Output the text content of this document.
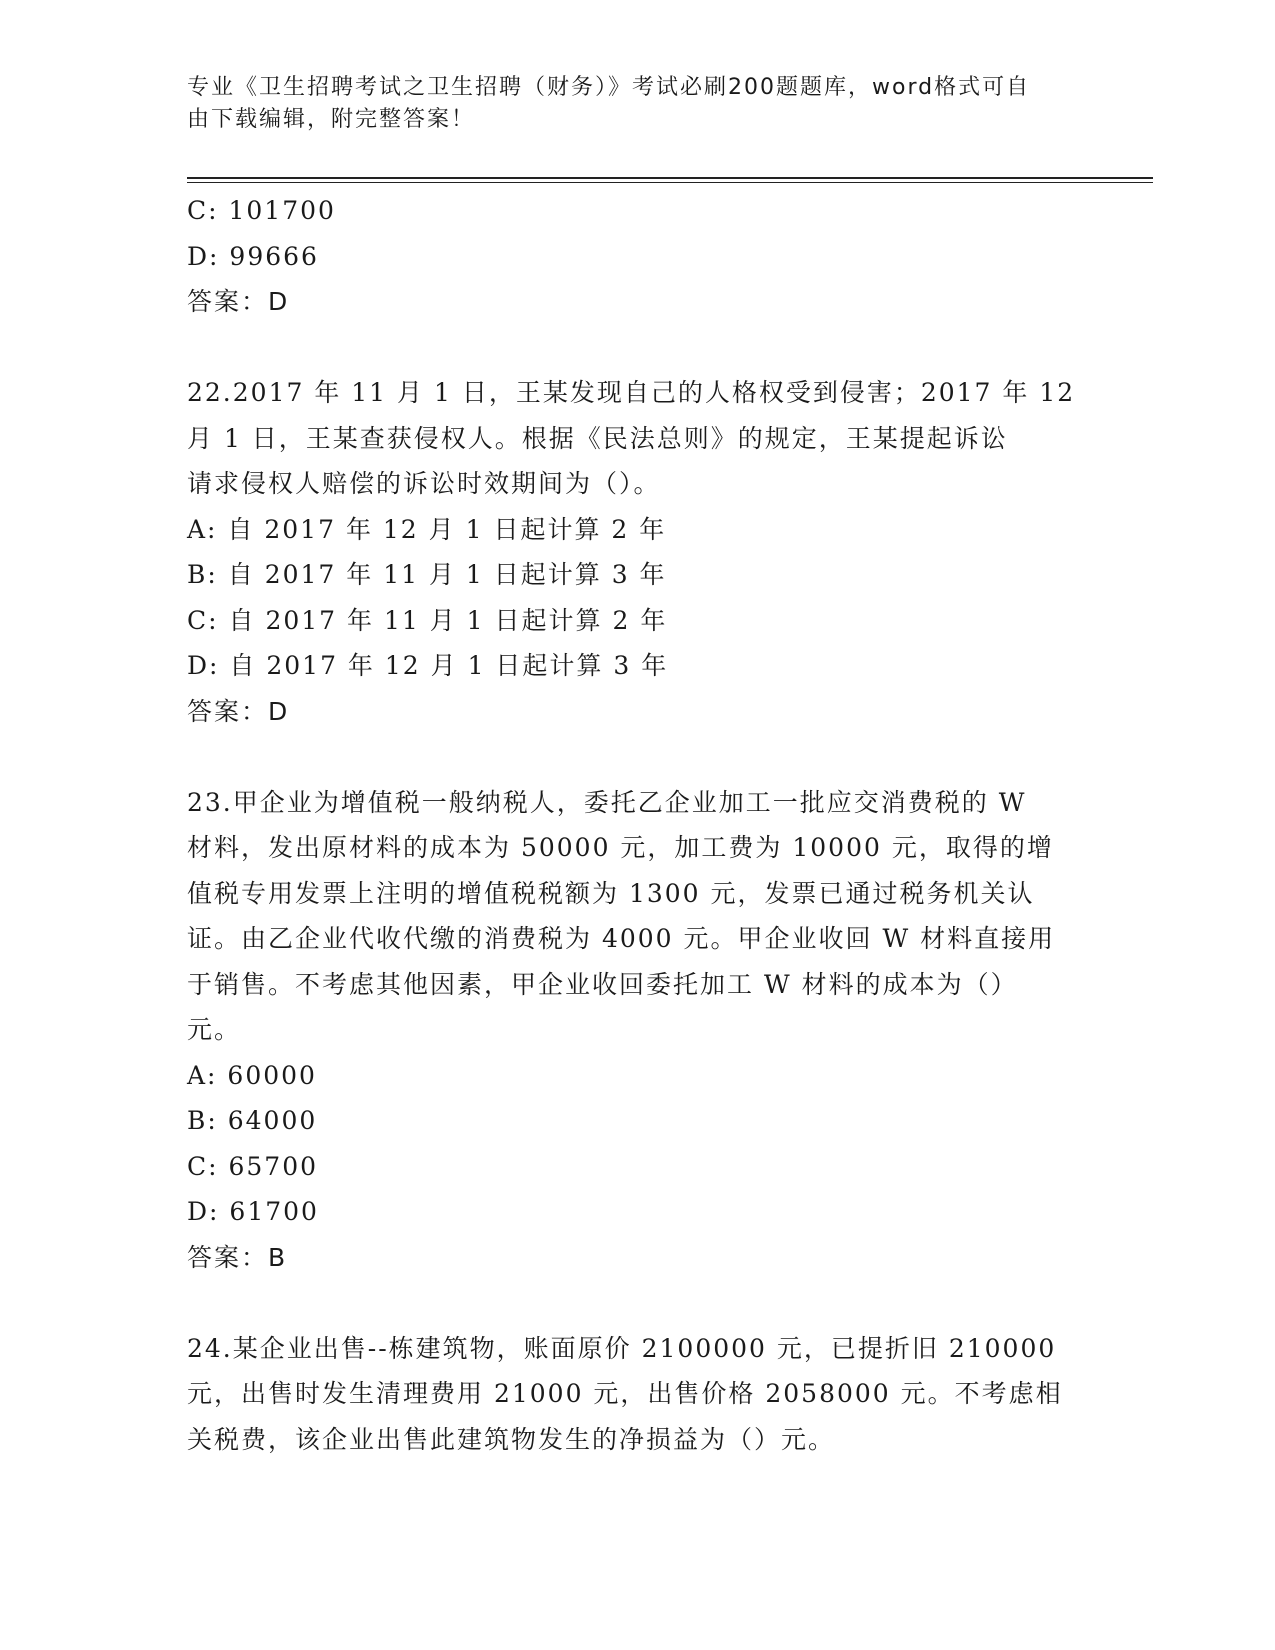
专业《卫生招聘考试之卫生招聘（财务）》考试必刷200题题库，word格式可自
由下载编辑，附完整答案！
C: 101700
D: 99666
答案：D
22.2017 年 11 月 1 日，王某发现自己的人格权受到侵害；2017 年 12
月 1 日，王某查获侵权人。根据《民法总则》的规定，王某提起诉讼
请求侵权人赔偿的诉讼时效期间为（）。
A: 自 2017 年 12 月 1 日起计算 2 年
B: 自 2017 年 11 月 1 日起计算 3 年
C: 自 2017 年 11 月 1 日起计算 2 年
D: 自 2017 年 12 月 1 日起计算 3 年
答案：D
23.甲企业为增值税一般纳税人，委托乙企业加工一批应交消费税的 W
材料，发出原材料的成本为 50000 元，加工费为 10000 元，取得的增
值税专用发票上注明的增值税税额为 1300 元，发票已通过税务机关认
证。由乙企业代收代缴的消费税为 4000 元。甲企业收回 W 材料直接用
于销售。不考虑其他因素，甲企业收回委托加工 W 材料的成本为（）
元。
A: 60000
B: 64000
C: 65700
D: 61700
答案：B
24.某企业出售--栋建筑物，账面原价 2100000 元，已提折旧 210000
元，出售时发生清理费用 21000 元，出售价格 2058000 元。不考虑相
关税费，该企业出售此建筑物发生的净损益为（）元。
